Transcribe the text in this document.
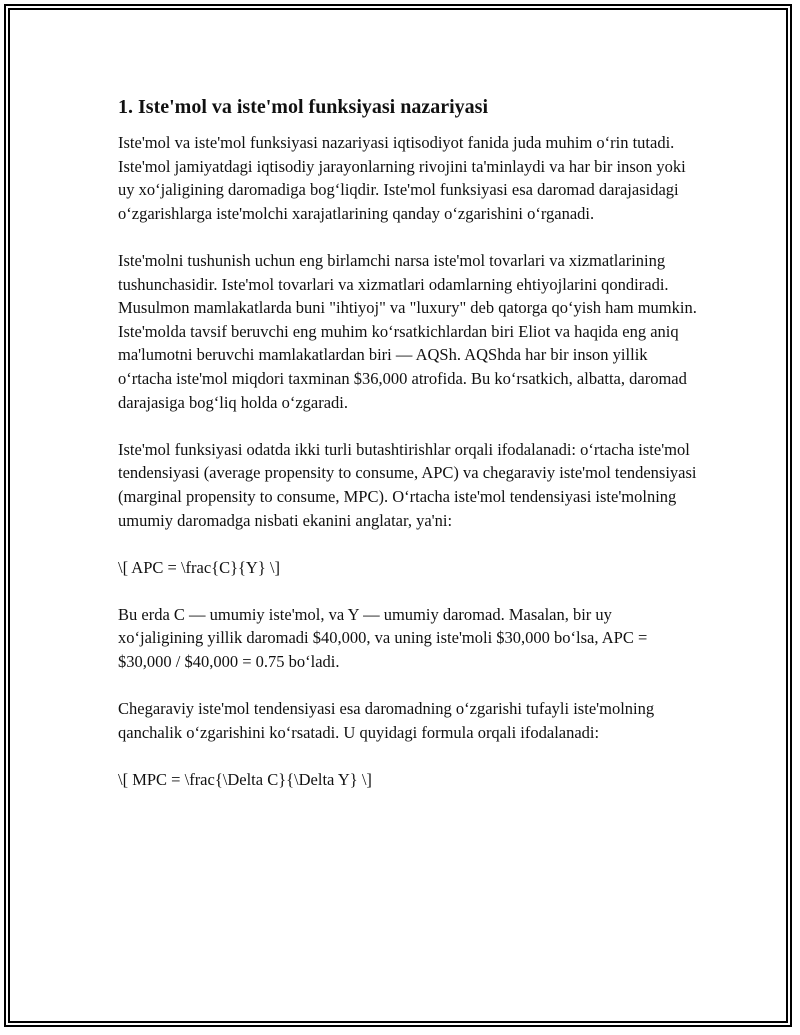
1. Iste'mol va iste'mol funksiyasi nazariyasi

Iste'mol va iste'mol funksiyasi nazariyasi iqtisodiyot fanida juda muhim o‘rin tutadi. Iste'mol jamiyatdagi iqtisodiy jarayonlarning rivojini ta'minlaydi va har bir inson yoki uy xo‘jaligining daromadiga bog‘liqdir. Iste'mol funksiyasi esa daromad darajasidagi o‘zgarishlarga iste'molchi xarajatlarining qanday o‘zgarishini o‘rganadi.

Iste'molni tushunish uchun eng birlamchi narsa iste'mol tovarlari va xizmatlarining tushunchasidir. Iste'mol tovarlari va xizmatlari odamlarning ehtiyojlarini qondiradi. Musulmon mamlakatlarda buni "ihtiyoj" va "luxury" deb qatorga qo‘yish ham mumkin. Iste'molda tavsif beruvchi eng muhim ko‘rsatkichlardan biri Eliot va haqida eng aniq ma'lumotni beruvchi mamlakatlardan biri — AQSh. AQShda har bir inson yillik o‘rtacha iste'mol miqdori taxminan $36,000 atrofida. Bu ko‘rsatkich, albatta, daromad darajasiga bog‘liq holda o‘zgaradi.

Iste'mol funksiyasi odatda ikki turli butashtirishlar orqali ifodalanadi: o‘rtacha iste'mol tendensiyasi (average propensity to consume, APC) va chegaraviy iste'mol tendensiyasi (marginal propensity to consume, MPC). O‘rtacha iste'mol tendensiyasi iste'molning umumiy daromadga nisbati ekanini anglatar, ya'ni:

\[ APC = \frac{C}{Y} \]

Bu erda C — umumiy iste'mol, va Y — umumiy daromad. Masalan, bir uy xo‘jaligining yillik daromadi $40,000, va uning iste'moli $30,000 bo‘lsa, APC = $30,000 / $40,000 = 0.75 bo‘ladi.

Chegaraviy iste'mol tendensiyasi esa daromadning o‘zgarishi tufayli iste'molning qanchalik o‘zgarishini ko‘rsatadi. U quyidagi formula orqali ifodalanadi:

\[ MPC = \frac{\Delta C}{\Delta Y} \]
